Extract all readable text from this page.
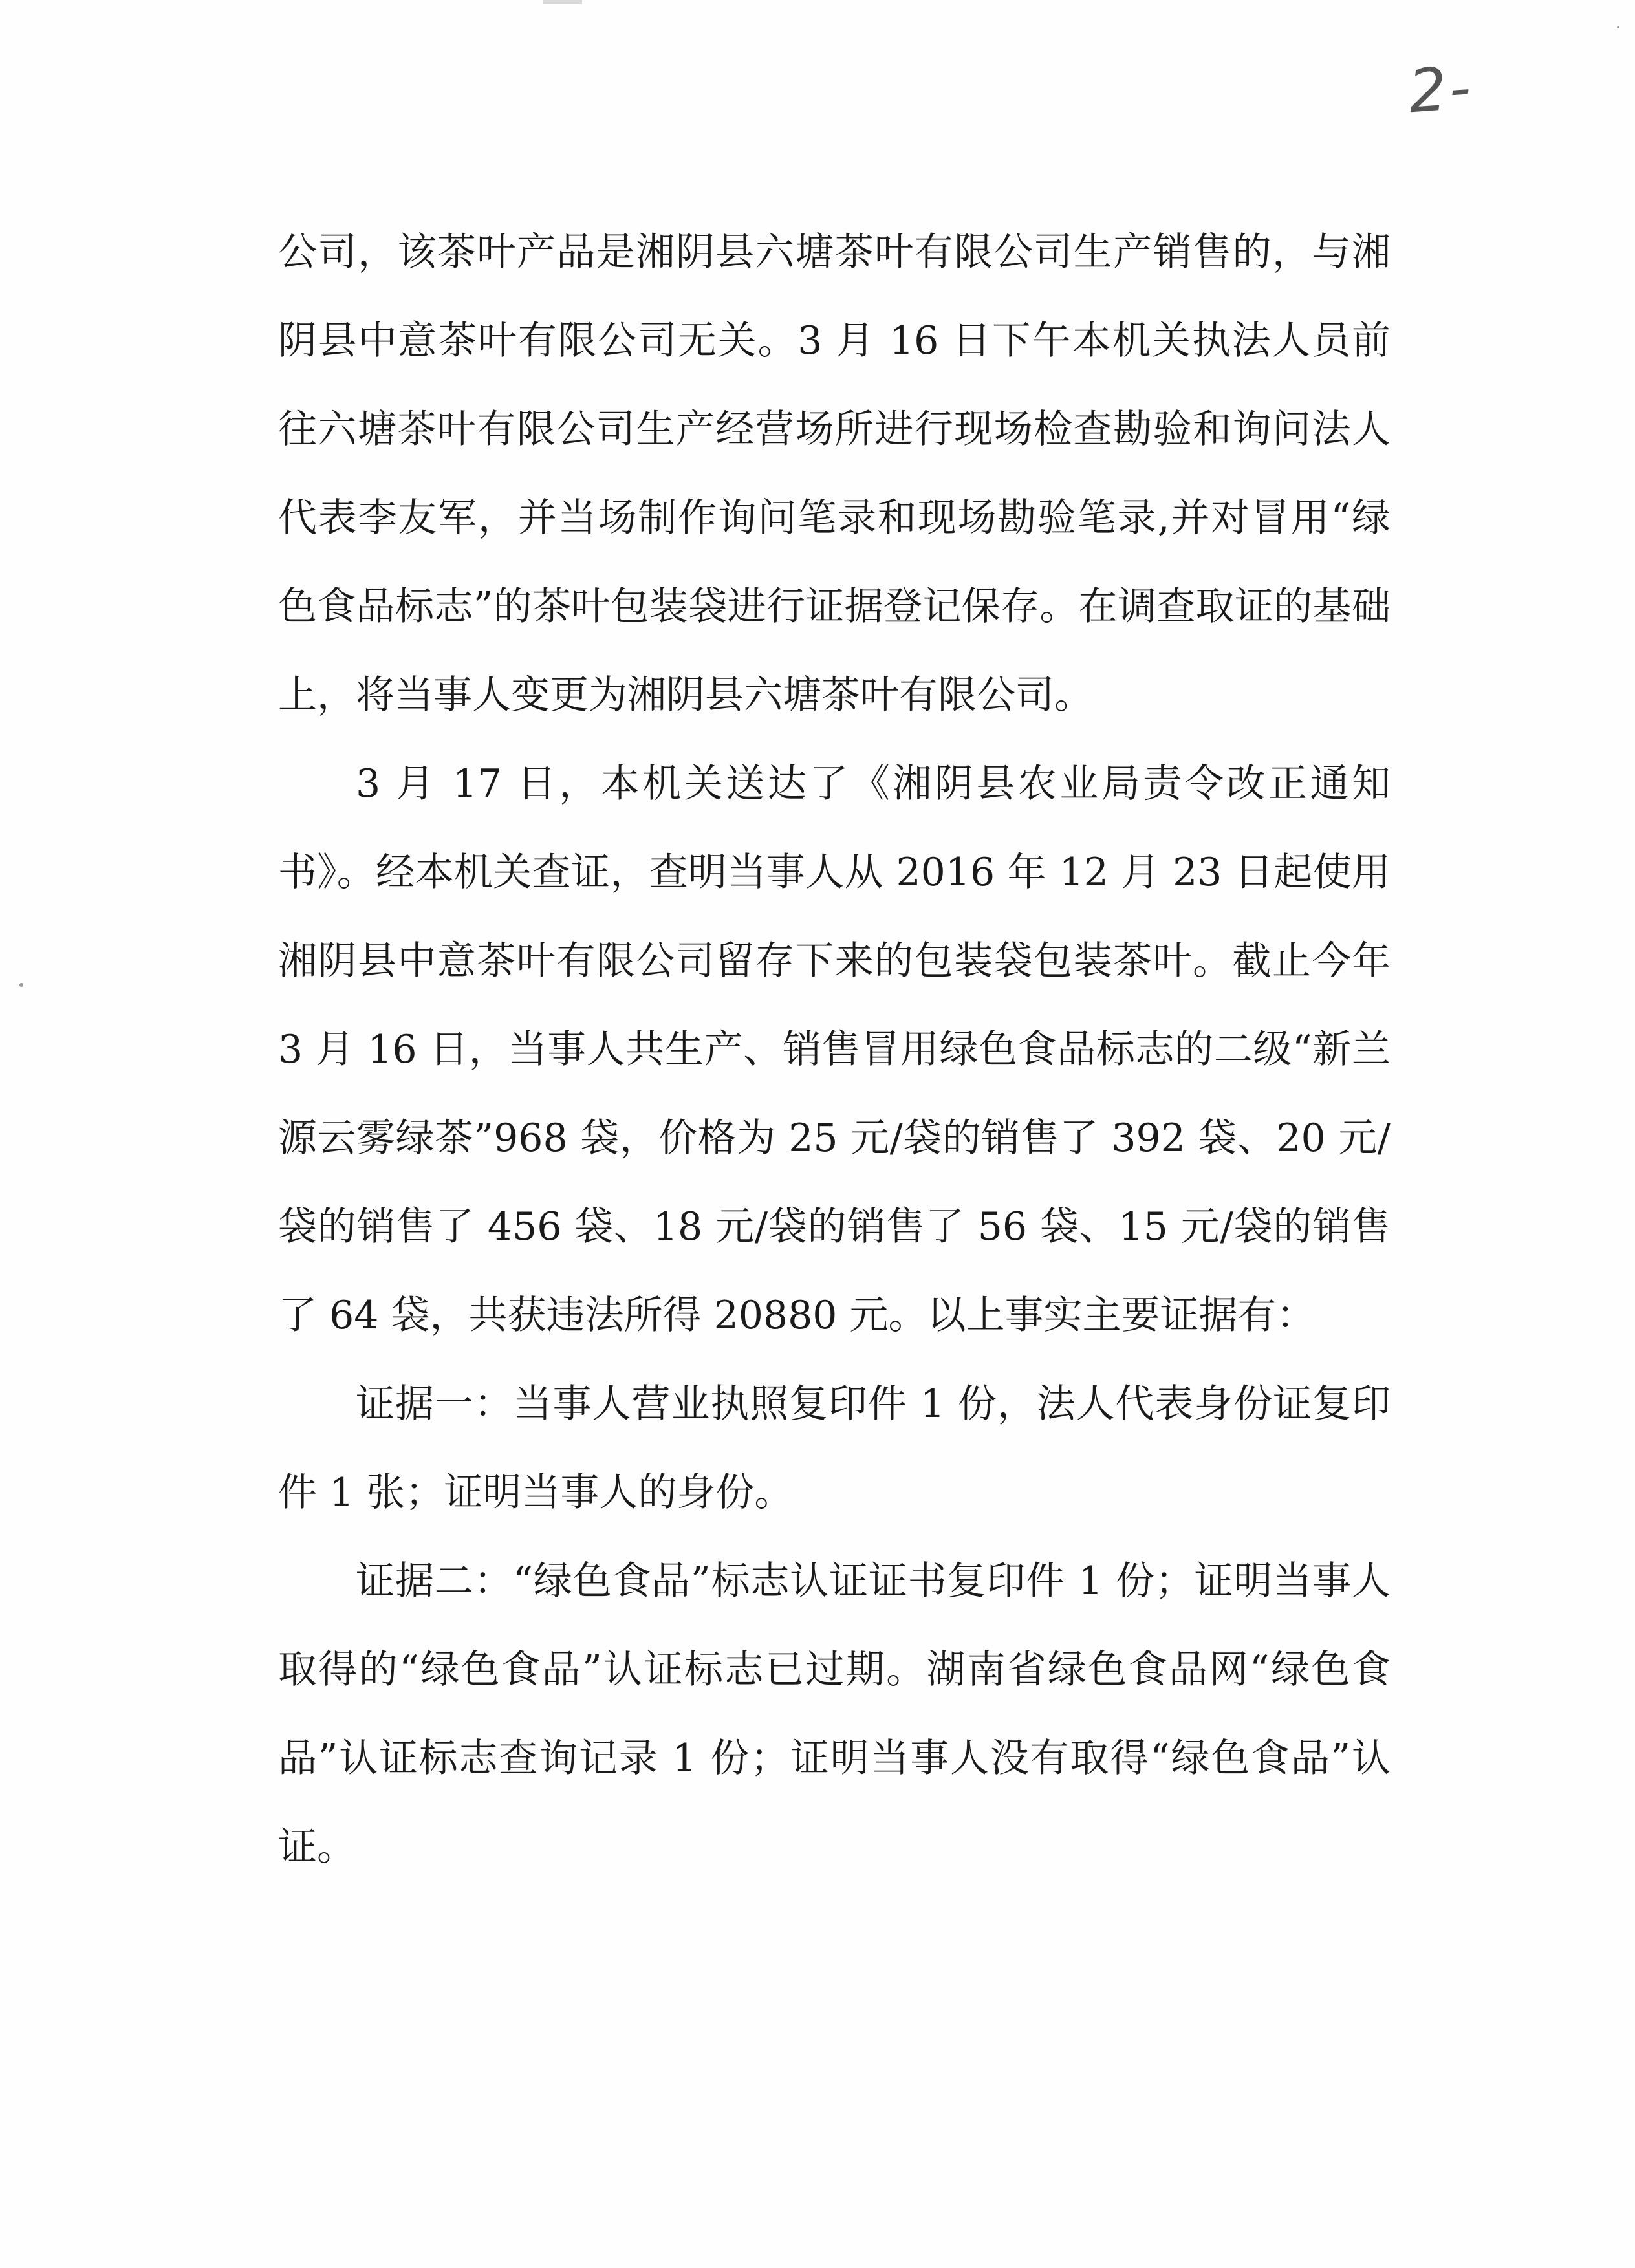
2-

公司，该茶叶产品是湘阴县六塘茶叶有限公司生产销售的，与湘阴县中意茶叶有限公司无关。3 月 16 日下午本机关执法人员前往六塘茶叶有限公司生产经营场所进行现场检查勘验和询问法人代表李友军，并当场制作询问笔录和现场勘验笔录,并对冒用“绿色食品标志”的茶叶包装袋进行证据登记保存。在调查取证的基础上，将当事人变更为湘阴县六塘茶叶有限公司。

3 月 17 日，本机关送达了《湘阴县农业局责令改正通知书》。经本机关查证，查明当事人从 2016 年 12 月 23 日起使用湘阴县中意茶叶有限公司留存下来的包装袋包装茶叶。截止今年 3 月 16 日，当事人共生产、销售冒用绿色食品标志的二级“新兰源云雾绿茶”968 袋，价格为 25 元/袋的销售了 392 袋、20 元/袋的销售了 456 袋、18 元/袋的销售了 56 袋、15 元/袋的销售了 64 袋，共获违法所得 20880 元。以上事实主要证据有：

证据一：当事人营业执照复印件 1 份，法人代表身份证复印件 1 张；证明当事人的身份。

证据二：“绿色食品”标志认证证书复印件 1 份；证明当事人取得的“绿色食品”认证标志已过期。湖南省绿色食品网“绿色食品”认证标志查询记录 1 份；证明当事人没有取得“绿色食品”认证。
